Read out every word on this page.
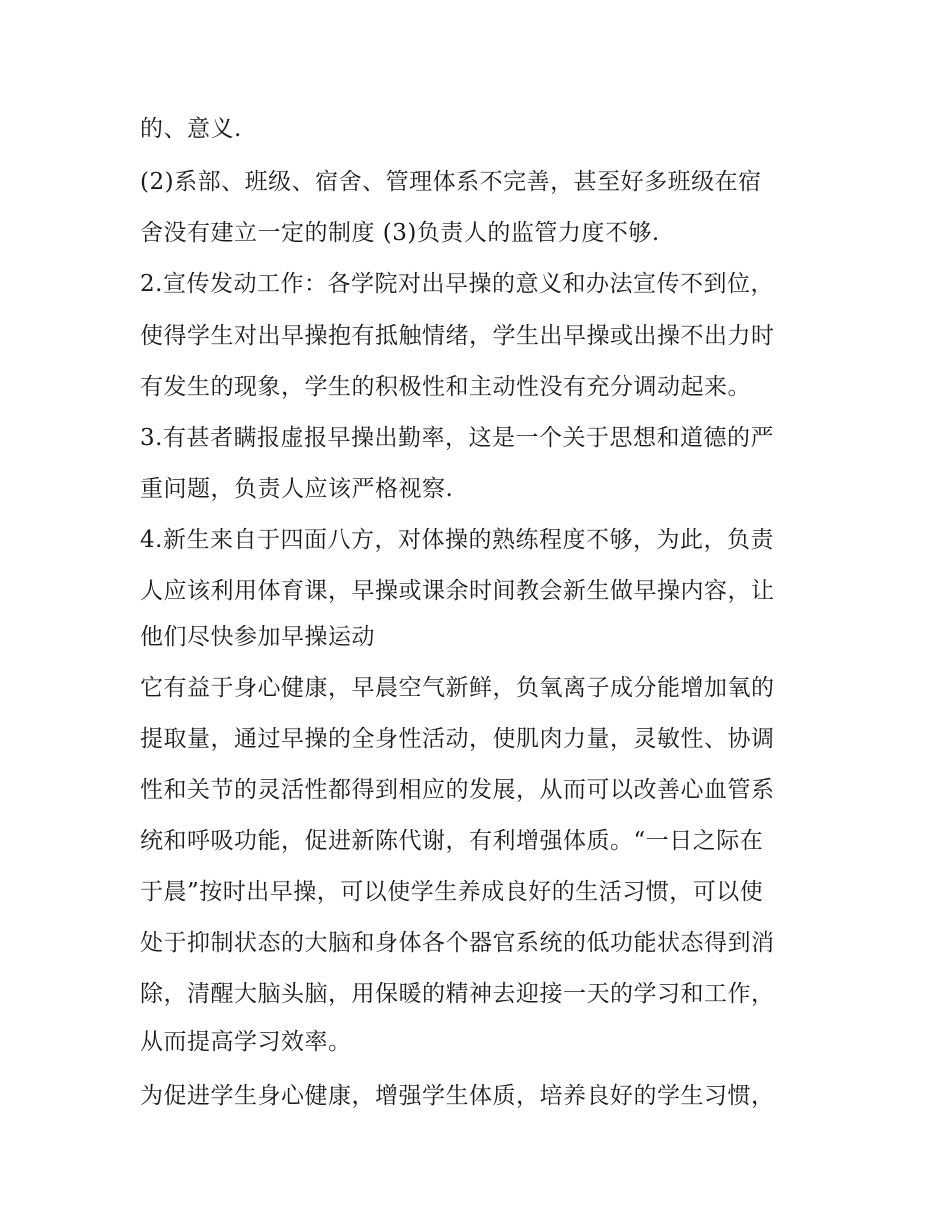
的、意义.
(2)系部、班级、宿舍、管理体系不完善，甚至好多班级在宿
舍没有建立一定的制度 (3)负责人的监管力度不够.
2.宣传发动工作：各学院对出早操的意义和办法宣传不到位，
使得学生对出早操抱有抵触情绪，学生出早操或出操不出力时
有发生的现象，学生的积极性和主动性没有充分调动起来。
3.有甚者瞒报虚报早操出勤率，这是一个关于思想和道德的严
重问题，负责人应该严格视察.
4.新生来自于四面八方，对体操的熟练程度不够，为此，负责
人应该利用体育课，早操或课余时间教会新生做早操内容，让
他们尽快参加早操运动
它有益于身心健康，早晨空气新鲜，负氧离子成分能增加氧的
提取量，通过早操的全身性活动，使肌肉力量，灵敏性、协调
性和关节的灵活性都得到相应的发展，从而可以改善心血管系
统和呼吸功能，促进新陈代谢，有利增强体质。“一日之际在
于晨”按时出早操，可以使学生养成良好的生活习惯，可以使
处于抑制状态的大脑和身体各个器官系统的低功能状态得到消
除，清醒大脑头脑，用保暖的精神去迎接一天的学习和工作，
从而提高学习效率。
为促进学生身心健康，增强学生体质，培养良好的学生习惯，
